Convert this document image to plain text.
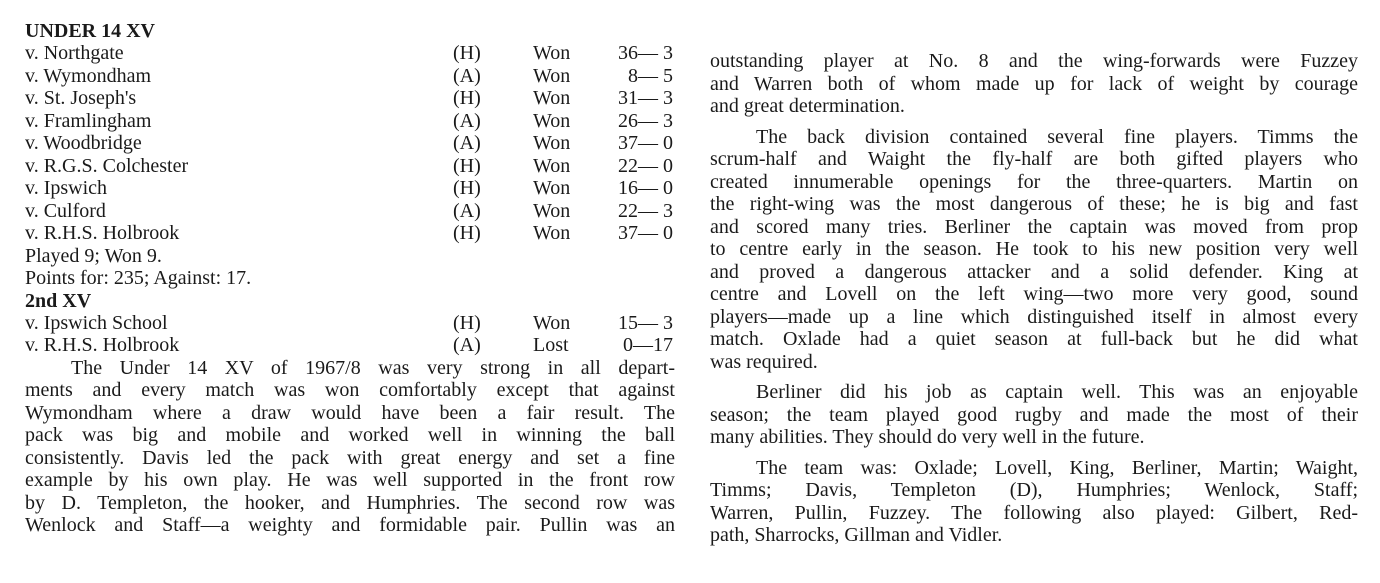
UNDER 14 XV
v. Northgate	(H)	Won 36— 3
v. Wymondham	(A)	Won	8— 5
v. St. Joseph's	(H)	Won 31— 3
v. Framlingham	(A)	Won 26— 3
v. Woodbridge	(A)	Won 37— 0
v. R.G.S. Colchester	(H)	Won 22— 0
v. Ipswich	(H)	Won 16— 0
v. Culford	(A)	Won 22— 3
v. R.H.S. Holbrook	(H)	Won 37— 0
Played 9; Won 9.
Points for: 235; Against: 17.
2nd XV
v. Ipswich School	(H)	Won 15— 3
v. R.H.S. Holbrook	(A)	Lost	0—17

The Under 14 XV of 1967/8 was very strong in all depart-
ments and every match was won comfortably except that against
Wymondham where a draw would have been a fair result. The
pack was big and mobile and worked well in winning the ball
consistently. Davis led the pack with great energy and set a fine
example by his own play. He was well supported in the front row
by D. Templeton, the hooker, and Humphries. The second row was
Wenlock and Staff—a weighty and formidable pair. Pullin was an

outstanding player at No. 8 and the wing-forwards were Fuzzey
and Warren both of whom made up for lack of weight by courage
and great determination.

The back division contained several fine players. Timms the
scrum-half and Waight the fly-half are both gifted players who
created innumerable openings for the three-quarters. Martin on
the right-wing was the most dangerous of these; he is big and fast
and scored many tries. Berliner the captain was moved from prop
to centre early in the season. He took to his new position very well
and proved a dangerous attacker and a solid defender. King at
centre and Lovell on the left wing—two more very good, sound
players—made up a line which distinguished itself in almost every
match. Oxlade had a quiet season at full-back but he did what
was required.

Berliner did his job as captain well. This was an enjoyable
season; the team played good rugby and made the most of their
many abilities. They should do very well in the future.

The team was: Oxlade; Lovell, King, Berliner, Martin; Waight,
Timms; Davis, Templeton (D), Humphries; Wenlock, Staff;
Warren, Pullin, Fuzzey. The following also played: Gilbert, Red-
path, Sharrocks, Gillman and Vidler.
